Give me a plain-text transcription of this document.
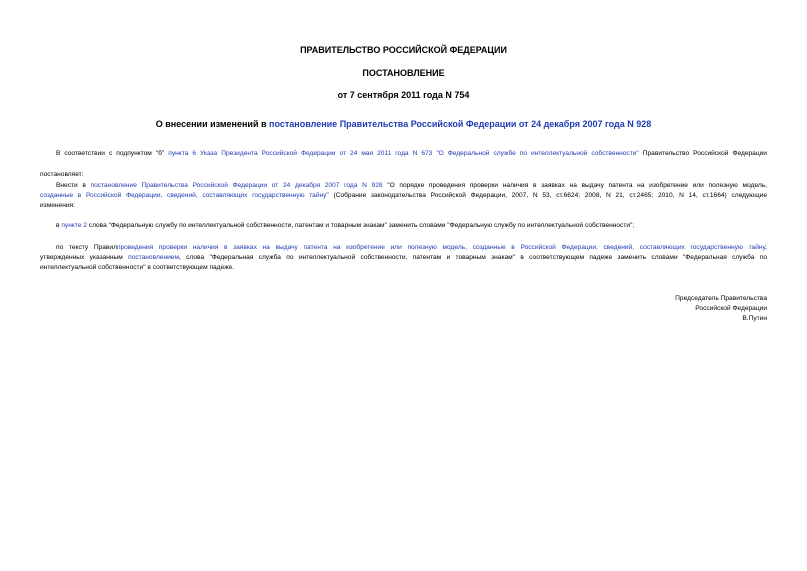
ПРАВИТЕЛЬСТВО РОССИЙСКОЙ ФЕДЕРАЦИИ
ПОСТАНОВЛЕНИЕ
от 7 сентября 2011 года N 754
О внесении изменений в постановление Правительства Российской Федерации от 24 декабря 2007 года N 928
В соответствии с подпунктом "б" пункта 6 Указа Президента Российской Федерации от 24 мая 2011 года N 673 "О Федеральной службе по интеллектуальной собственности" Правительство Российской Федерации
постановляет:
Внести в постановление Правительства Российской Федерации от 24 декабря 2007 года N 928 "О порядке проведения проверки наличия в заявках на выдачу патента на изобретение или полезную модель,
созданные в Российской Федерации, сведений, составляющих государственную тайну" (Собрание законодательства Российской Федерации, 2007, N 53, ст.6624; 2008, N 21, ст.2465; 2010, N 14, ст.1664) следующие
изменения:
в пункте 2 слова "Федеральную службу по интеллектуальной собственности, патентам и товарным знакам" заменить словами "Федеральную службу по интеллектуальной собственности";
по тексту Правилпроведения проверки наличия в заявках на выдачу патента на изобретение или полезную модель, созданные в Российской Федерации, сведений, составляющих государственную тайну,
утвержденных указанным постановлением, слова "Федеральная служба по интеллектуальной собственности, патентам и товарным знакам" в соответствующем падеже заменить словами "Федеральная служба по
интеллектуальной собственности" в соответствующем падеже.
Председатель Правительства
Российской Федерации
В.Путин
